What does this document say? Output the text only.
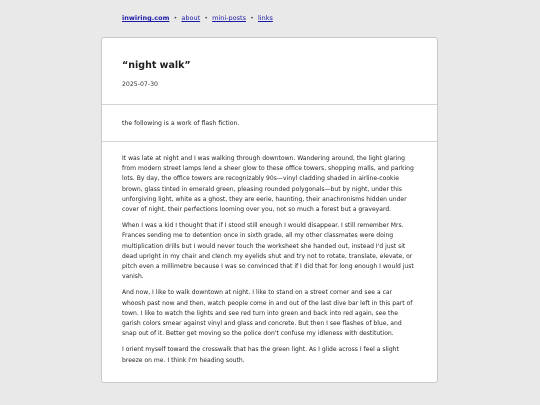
inwiring.com • about • mini-posts • links
“night walk”
2025-07-30
the following is a work of flash fiction.

It was late at night and I was walking through downtown. Wandering around, the light glaring from modern street lamps lend a sheer glow to these office towers, shopping malls, and parking lots. By day, the office towers are recognizably 90s—vinyl cladding shaded in airline-cookie brown, glass tinted in emerald green, pleasing rounded polygonals—but by night, under this unforgiving light, white as a ghost, they are eerie, haunting, their anachronisms hidden under cover of night, their perfections looming over you, not so much a forest but a graveyard.

When I was a kid I thought that if I stood still enough I would disappear. I still remember Mrs. Frances sending me to detention once in sixth grade, all my other classmates were doing multiplication drills but I would never touch the worksheet she handed out, instead I'd just sit dead upright in my chair and clench my eyelids shut and try not to rotate, translate, elevate, or pitch even a millimetre because I was so convinced that if I did that for long enough I would just vanish.

And now, I like to walk downtown at night. I like to stand on a street corner and see a car whoosh past now and then, watch people come in and out of the last dive bar left in this part of town. I like to watch the lights and see red turn into green and back into red again, see the garish colors smear against vinyl and glass and concrete. But then I see flashes of blue, and snap out of it. Better get moving so the police don't confuse my idleness with destitution.

I orient myself toward the crosswalk that has the green light. As I glide across I feel a slight breeze on me. I think I'm heading south.
